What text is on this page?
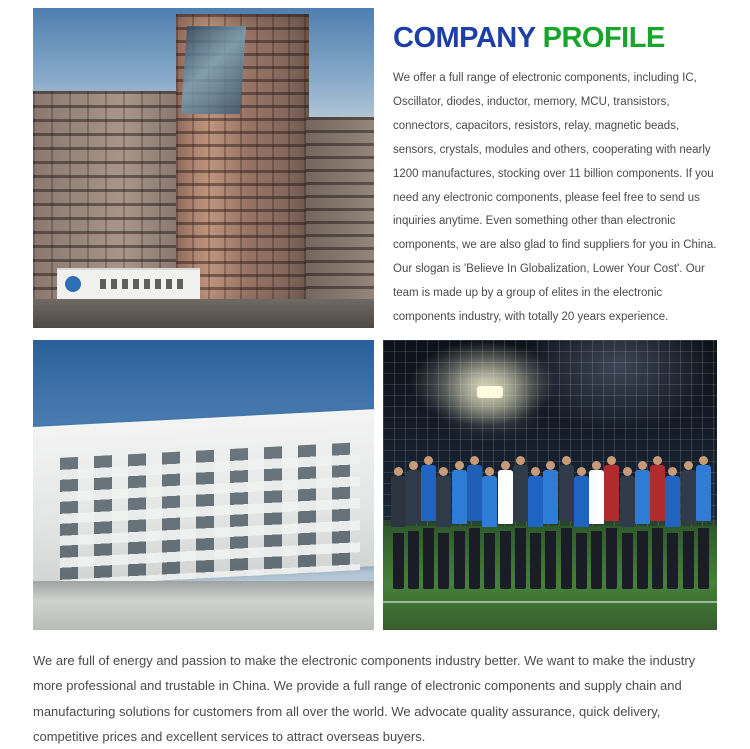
COMPANY PROFILE

We offer a full range of electronic components, including IC, Oscillator, diodes, inductor, memory, MCU, transistors, connectors, capacitors, resistors, relay, magnetic beads, sensors, crystals, modules and others, cooperating with nearly 1200 manufactures, stocking over 11 billion components. If you need any electronic components, please feel free to send us inquiries anytime. Even something other than electronic components, we are also glad to find suppliers for you in China.

Our slogan is 'Believe In Globalization, Lower Your Cost'. Our team is made up by a group of elites in the electronic components industry, with totally 20 years experience.

We are full of energy and passion to make the electronic components industry better. We want to make the industry more professional and trustable in China. We provide a full range of electronic components and supply chain and manufacturing solutions for customers from all over the world. We advocate quality assurance, quick delivery, competitive prices and excellent services to attract overseas buyers.
